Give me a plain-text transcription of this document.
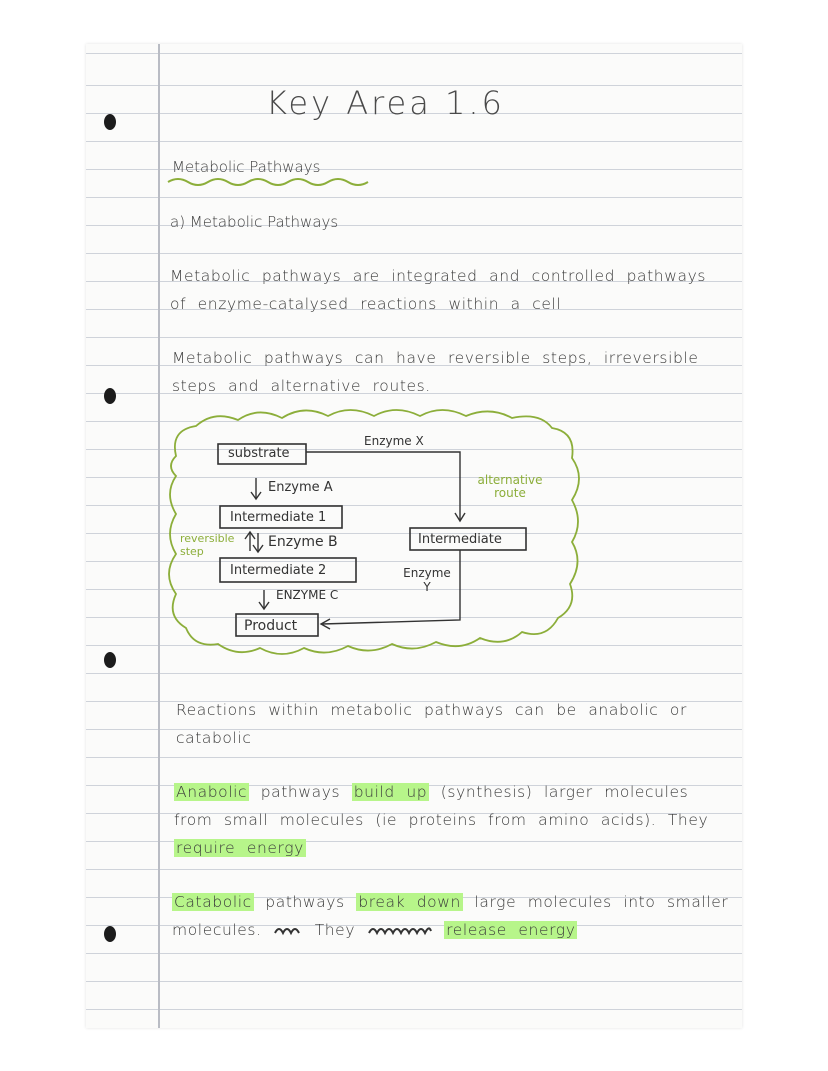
Key Area 1.6
Metabolic Pathways
a) Metabolic Pathways
Metabolic pathways are integrated and controlled pathways of enzyme-catalysed reactions within a cell
Metabolic pathways can have reversible steps, irreversible steps and alternative routes.
substrate
Intermediate 1
Intermediate 2
Intermediate
Product
Enzyme A
Enzyme B
ENZYME C
Enzyme X
Enzyme Y
reversible step
alternative route
Reactions within metabolic pathways can be anabolic or catabolic
Anabolic pathways build up (synthesis) larger molecules from small molecules (ie proteins from amino acids). They require energy
Catabolic pathways break down large molecules into smaller molecules.	They	release energy
